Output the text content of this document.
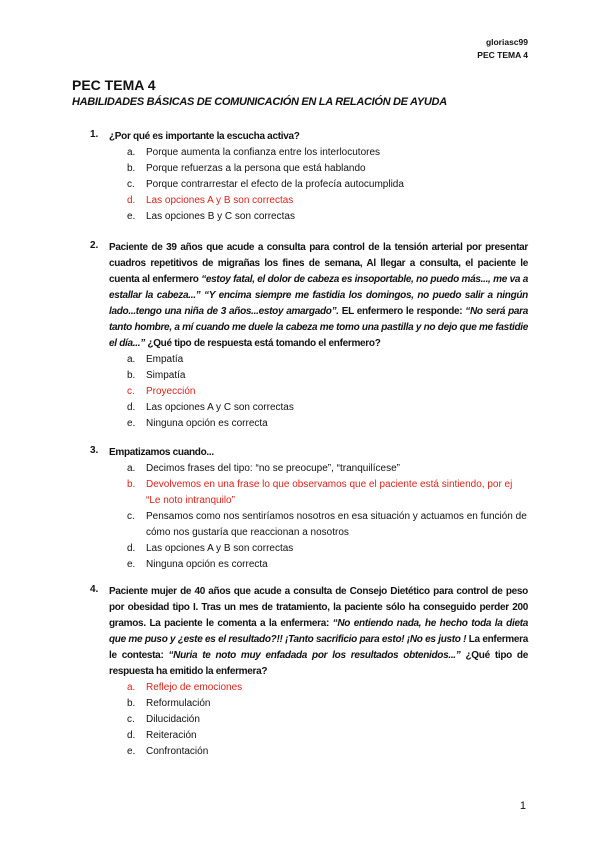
gloriasc99
PEC TEMA 4
PEC TEMA 4
HABILIDADES BÁSICAS DE COMUNICACIÓN EN LA RELACIÓN DE AYUDA
1. ¿Por qué es importante la escucha activa?
a. Porque aumenta la confianza entre los interlocutores
b. Porque refuerzas a la persona que está hablando
c. Porque contrarrestar el efecto de la profecía autocumplida
d. Las opciones A y B son correctas
e. Las opciones B y C son correctas
2. Paciente de 39 años que acude a consulta para control de la tensión arterial por presentar cuadros repetitivos de migrañas los fines de semana, Al llegar a consulta, el paciente le cuenta al enfermero “estoy fatal, el dolor de cabeza es insoportable, no puedo más..., me va a estallar la cabeza...” “Y encima siempre me fastidia los domingos, no puedo salir a ningún lado...tengo una niña de 3 años...estoy amargado”. EL enfermero le responde: “No será para tanto hombre, a mí cuando me duele la cabeza me tomo una pastilla y no dejo que me fastidie el día...” ¿Qué tipo de respuesta está tomando el enfermero?
a. Empatía
b. Simpatía
c. Proyección
d. Las opciones A y C son correctas
e. Ninguna opción es correcta
3. Empatizamos cuando...
a. Decimos frases del tipo: “no se preocupe”, “tranquilícese”
b. Devolvemos en una frase lo que observamos que el paciente está sintiendo, por ej “Le noto intranquilo”
c. Pensamos como nos sentiríamos nosotros en esa situación y actuamos en función de cómo nos gustaría que reaccionan a nosotros
d. Las opciones A y B son correctas
e. Ninguna opción es correcta
4. Paciente mujer de 40 años que acude a consulta de Consejo Dietético para control de peso por obesidad tipo I. Tras un mes de tratamiento, la paciente sólo ha conseguido perder 200 gramos. La paciente le comenta a la enfermera: “No entiendo nada, he hecho toda la dieta que me puso y ¿este es el resultado?!! ¡Tanto sacrificio para esto! ¡No es justo ! La enfermera le contesta: “Nuria te noto muy enfadada por los resultados obtenidos...” ¿Qué tipo de respuesta ha emitido la enfermera?
a. Reflejo de emociones
b. Reformulación
c. Dilucidación
d. Reiteración
e. Confrontación
1
